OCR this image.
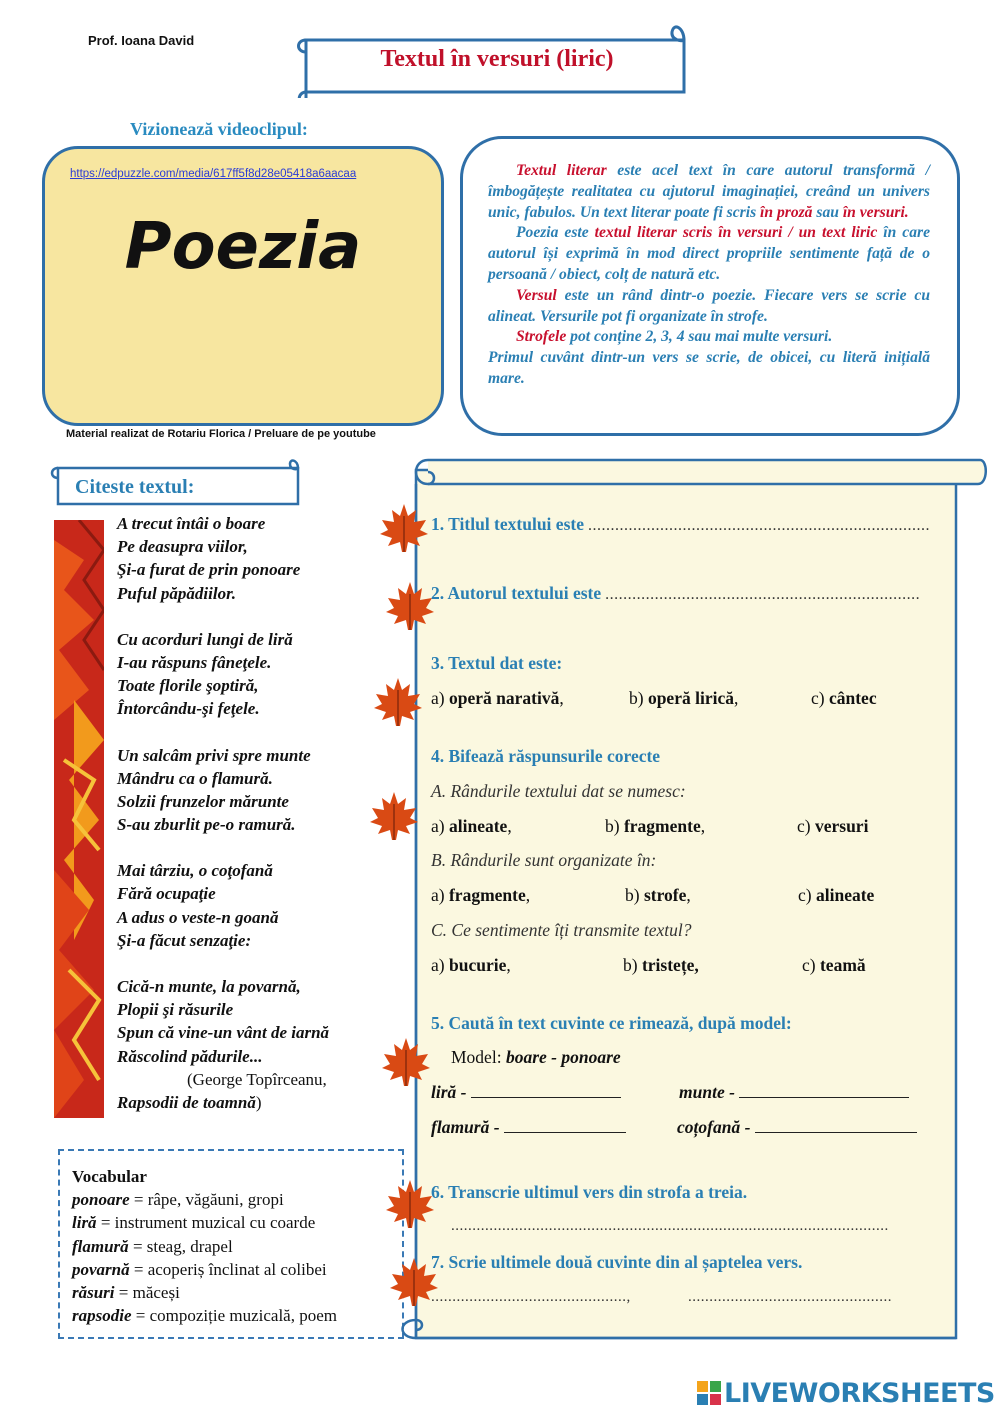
Prof. Ioana David
Textul în versuri (liric)
Vizionează videoclipul:
https://edpuzzle.com/media/617ff5f8d28e05418a6aacaa
Poezia
Material realizat de Rotariu Florica / Preluare de pe youtube

Textul literar este acel text în care autorul transformă / îmbogățește realitatea cu ajutorul imaginației, creând un univers unic, fabulos. Un text literar poate fi scris în proză sau în versuri.

Poezia este textul literar scris în versuri / un text liric în care autorul își exprimă în mod direct propriile sentimente față de o persoană / obiect, colț de natură etc.

Versul este un rând dintr-o poezie. Fiecare vers se scrie cu alineat. Versurile pot fi organizate în strofe.

Strofele pot conține 2, 3, 4 sau mai multe versuri.

Primul cuvânt dintr-un vers se scrie, de obicei, cu literă inițială mare.

Citeste textul:
A trecut întâi o boare
Pe deasupra viilor,
Şi-a furat de prin ponoare
Puful păpădiilor.
Cu acorduri lungi de liră
I-au răspuns fâneţele.
Toate florile şoptiră,
Întorcându-şi feţele.
Un salcâm privi spre munte
Mândru ca o flamură.
Solzii frunzelor mărunte
S-au zburlit pe-o ramură.
Mai târziu, o coţofană
Fără ocupaţie
A adus o veste-n goană
Şi-a făcut senzaţie:
Cică-n munte, la povarnă,
Plopii şi răsurile
Spun că vine-un vânt de iarnă
Răscolind pădurile...
(George Topîrceanu,
Rapsodii de toamnă)
Vocabular
ponoare = râpe, văgăuni, gropi
liră = instrument muzical cu coarde
flamură = steag, drapel
povarnă = acoperiș înclinat al colibei
răsuri = măceși
rapsodie = compoziție muzicală, poem
1. Titlul textului este ............................................................................
2. Autorul textului este ......................................................................
3. Textul dat este:
a) operă narativă,	b) operă lirică,	c) cântec
4. Bifează răspunsurile corecte
A. Rândurile textului dat se numesc:
a) alineate,	b) fragmente,	c) versuri
B. Rândurile sunt organizate în:
a) fragmente,	b) strofe,	c) alineate
C. Ce sentimente îți transmite textul?
a) bucurie,	b) tristețe,	c) teamă
5. Caută în text cuvinte ce rimează, după model:
Model: boare - ponoare
liră -	munte -
flamură -	coțofană -
6. Transcrie ultimul vers din strofa a treia.
.......................................................................................................
7. Scrie ultimele două cuvinte din al șaptelea vers.
..............................................,	................................................
LIVEWORKSHEETS
